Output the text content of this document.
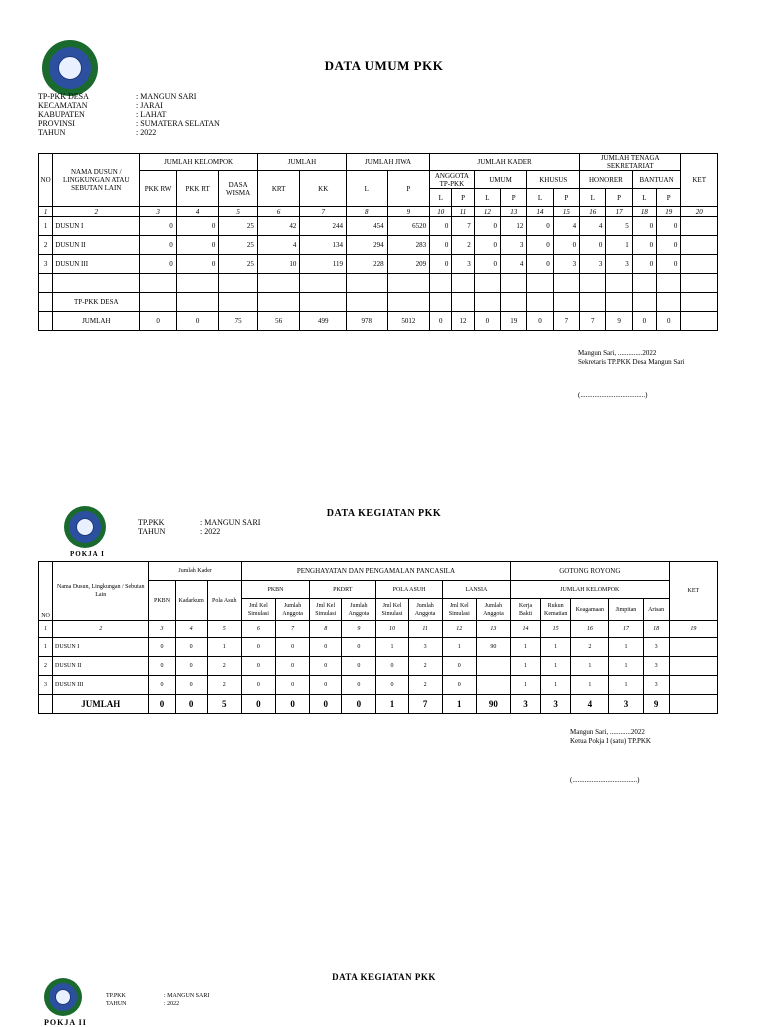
DATA UMUM PKK
TP-PKK DESA	: MANGUN SARI
KECAMATAN	: JARAI
KABUPATEN	: LAHAT
PROVINSI	: SUMATERA SELATAN
TAHUN	: 2022
NO	NAMA DUSUN / LINGKUNGAN ATAU SEBUTAN LAIN	JUMLAH KELOMPOK			JUMLAH		JUMLAH JIWA		JUMLAH KADER						JUMLAH TENAGA SEKRETARIAT				KET
		PKK RW	PKK RT	DASA WISMA	KRT	KK	L	P	ANGGOTA TP-PKK		UMUM		KHUSUS		HONORER		BANTUAN		
									L	P	L	P	L	P	L	P	L	P	
1	2	3	4	5	6	7	8	9	10	11	12	13	14	15	16	17	18	19	20
1	DUSUN I	0	0	25	42	244	454	6520	0	7	0	12	0	4	4	5	0	0	
2	DUSUN II	0	0	25	4	134	294	283	0	2	0	3	0	0	0	1	0	0	
3	DUSUN III	0	0	25	10	119	228	209	0	3	0	4	0	3	3	3	0	0	

	TP-PKK DESA																		
	JUMLAH	0	0	75	56	499	978	5012	0	12	0	19	0	7	7	9	0	0	
Mangun Sari, ..............2022
Sekretaris TP.PKK Desa Mangun Sari
(.....................................)
POKJA I
DATA KEGIATAN PKK
TP.PKK	: MANGUN SARI
TAHUN	: 2022
NO	Nama Dusun, Lingkungan / Sebutan Lain	Jumlah Kader			PENGHAYATAN DAN PENGAMALAN PANCASILA								GOTONG ROYONG					KET
		PKBN	Kadarkum	Pola Asuh	PKBN		PKDRT		POLA ASUH		LANSIA		JUMLAH KELOMPOK					
					Jml Kel Simulasi	Jumlah Anggota	Jml Kel Simulasi	Jumlah Anggota	Jml Kel Simulasi	Jumlah Anggota	Jml Kel Simulasi	Jumlah Anggota	Kerja Bakti	Rukun Kematian	Keagamaan	Jimpitan	Arisan	
1	2	3	4	5	6	7	8	9	10	11	12	13	14	15	16	17	18	19
1	DUSUN I	0	0	1	0	0	0	0	1	3	1	90	1	1	2	1	3	
2	DUSUN II	0	0	2	0	0	0	0	0	2	0		1	1	1	1	3	
3	DUSUN III	0	0	2	0	0	0	0	0	2	0		1	1	1	1	3	
	JUMLAH	0	0	5	0	0	0	0	1	7	1	90	3	3	4	3	9	
Mangun Sari, ............2022
Ketua Pokja I (satu) TP.PKK
(.....................................)
DATA KEGIATAN PKK
TP.PKK	: MANGUN SARI
TAHUN	: 2022
POKJA II
